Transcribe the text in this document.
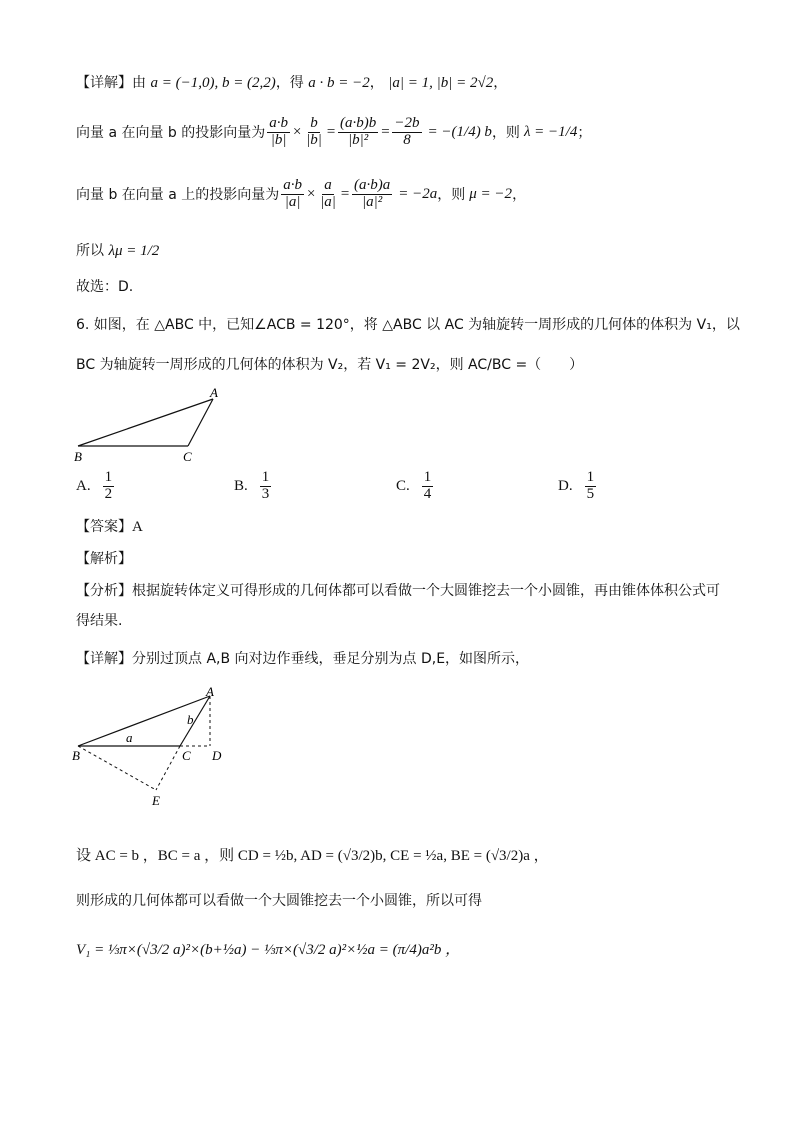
【详解】由 a = (−1,0), b = (2,2)，得 a · b = −2， |a| = 1, |b| = 2√2，
向量 a 在向量 b 的投影向量为 $\frac{a\cdot b}{|b|} \times \frac{b}{|b|} = \frac{(a\cdot b)b}{\text{|b|²}} = \frac{-2b}{8} = -(1/4)$ b ，则 λ = −1/4 ；
向量 b 在向量 a 上的投影向量为 $\frac{a\cdot b}{|a|} \times \frac{a}{|a|} = \frac{(a\cdot b)a}{\text{|a|²}} = -2a$ ，则 μ = −2 ，
所以 λμ = 1/2
故选：D.
6. 如图，在 △ABC 中，已知∠ACB = 120°，将 △ABC 以 AC 为轴旋转一周形成的几何体的体积为 V₁，以
BC 为轴旋转一周形成的几何体的体积为 V₂，若 V₁ = 2V₂，则 AC/BC =（　　）
A
B	C
A. $\frac{1}{2}$	B. $\frac{1}{3}$	C. $\frac{1}{4}$	D. $\frac{1}{5}$
【答案】A
【解析】
【分析】根据旋转体定义可得形成的几何体都可以看做一个大圆锥挖去一个小圆锥，再由锥体体积公式可
得结果.
【详解】分别过顶点 A,B 向对边作垂线，垂足分别为点 D,E，如图所示，
A
B	C D
E
a
b
设 AC = b ，BC = a ，则 CD = ½b, AD = (√3/2)b, CE = ½a, BE = (√3/2)a ，
则形成的几何体都可以看做一个大圆锥挖去一个小圆锥，所以可得
V₁ = ⅓π×(√3/2 a)²×(b+½a) − ⅓π×(√3/2 a)²×½a = (π/4)a²b ，
